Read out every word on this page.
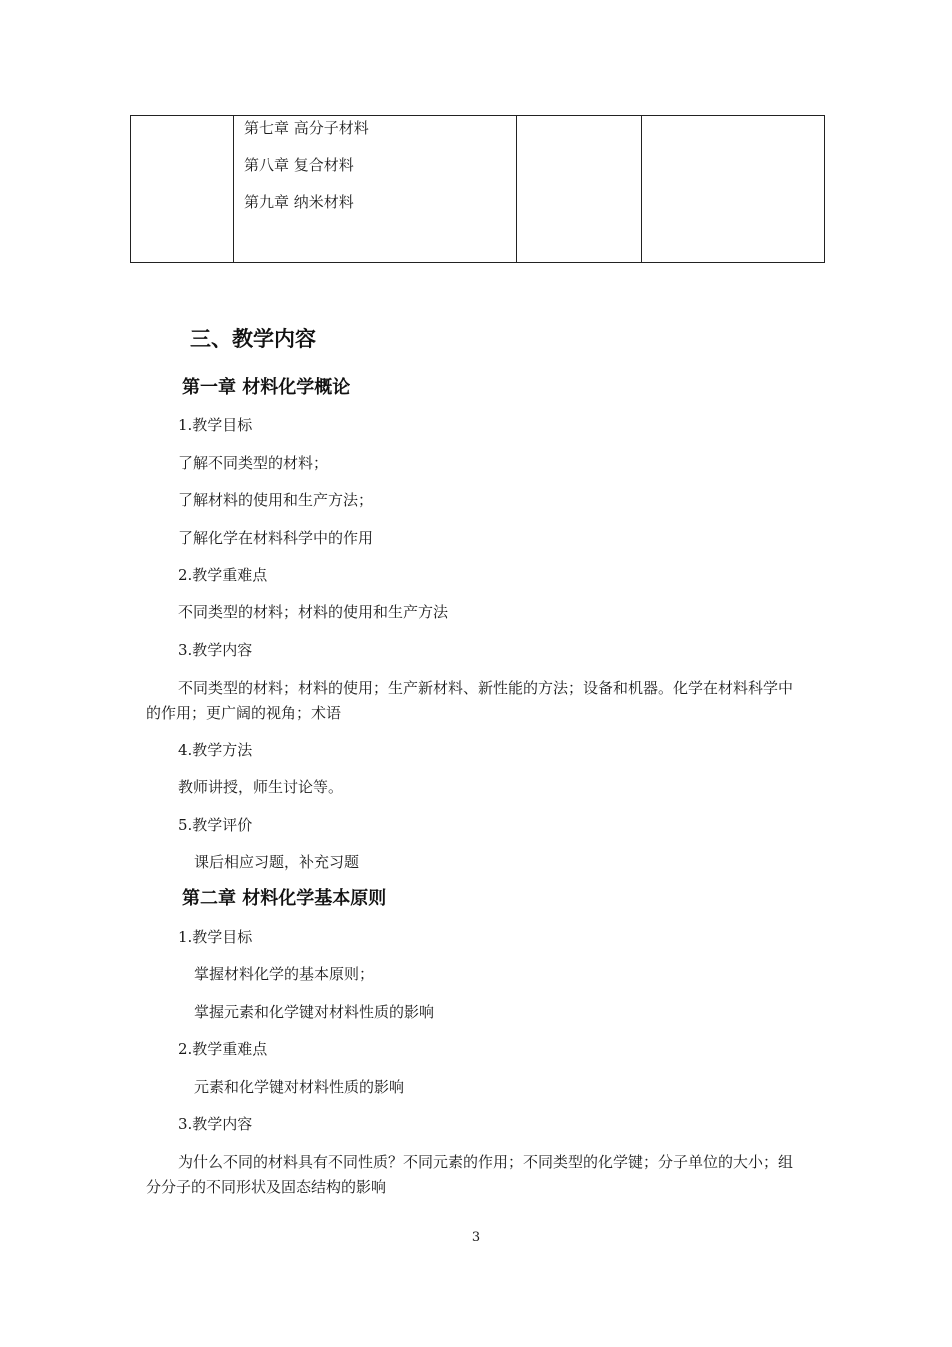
第七章 高分子材料
第八章 复合材料
第九章 纳米材料

三、教学内容
第一章 材料化学概论
1.教学目标
了解不同类型的材料；
了解材料的使用和生产方法；
了解化学在材料科学中的作用
2.教学重难点
不同类型的材料；材料的使用和生产方法
3.教学内容
不同类型的材料；材料的使用；生产新材料、新性能的方法；设备和机器。化学在材料科学中的作用；更广阔的视角；术语
4.教学方法
教师讲授，师生讨论等。
5.教学评价
课后相应习题，补充习题
第二章 材料化学基本原则
1.教学目标
掌握材料化学的基本原则；
掌握元素和化学键对材料性质的影响
2.教学重难点
元素和化学键对材料性质的影响
3.教学内容
为什么不同的材料具有不同性质？不同元素的作用；不同类型的化学键；分子单位的大小；组分分子的不同形状及固态结构的影响
3
